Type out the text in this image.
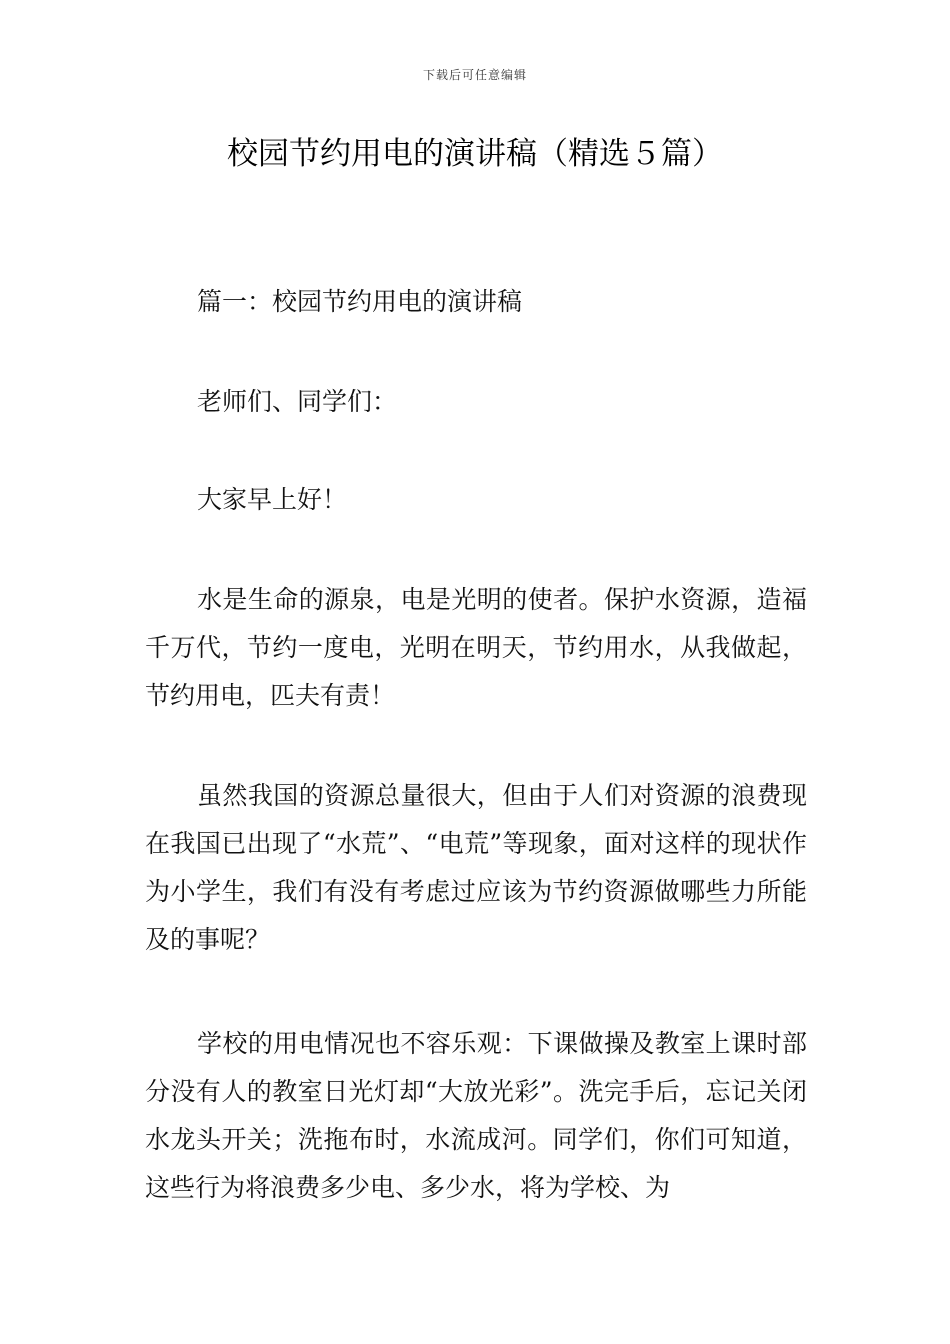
下载后可任意编辑
校园节约用电的演讲稿（精选５篇）

篇一：校园节约用电的演讲稿

老师们、同学们：

大家早上好！

水是生命的源泉，电是光明的使者。保护水资源，造福千万代，节约一度电，光明在明天，节约用水，从我做起，节约用电，匹夫有责！

虽然我国的资源总量很大，但由于人们对资源的浪费现在我国已出现了“水荒”、“电荒”等现象，面对这样的现状作为小学生，我们有没有考虑过应该为节约资源做哪些力所能及的事呢？

学校的用电情况也不容乐观：下课做操及教室上课时部分没有人的教室日光灯却“大放光彩”。洗完手后，忘记关闭水龙头开关；洗拖布时，水流成河。同学们，你们可知道，这些行为将浪费多少电、多少水，将为学校、为
